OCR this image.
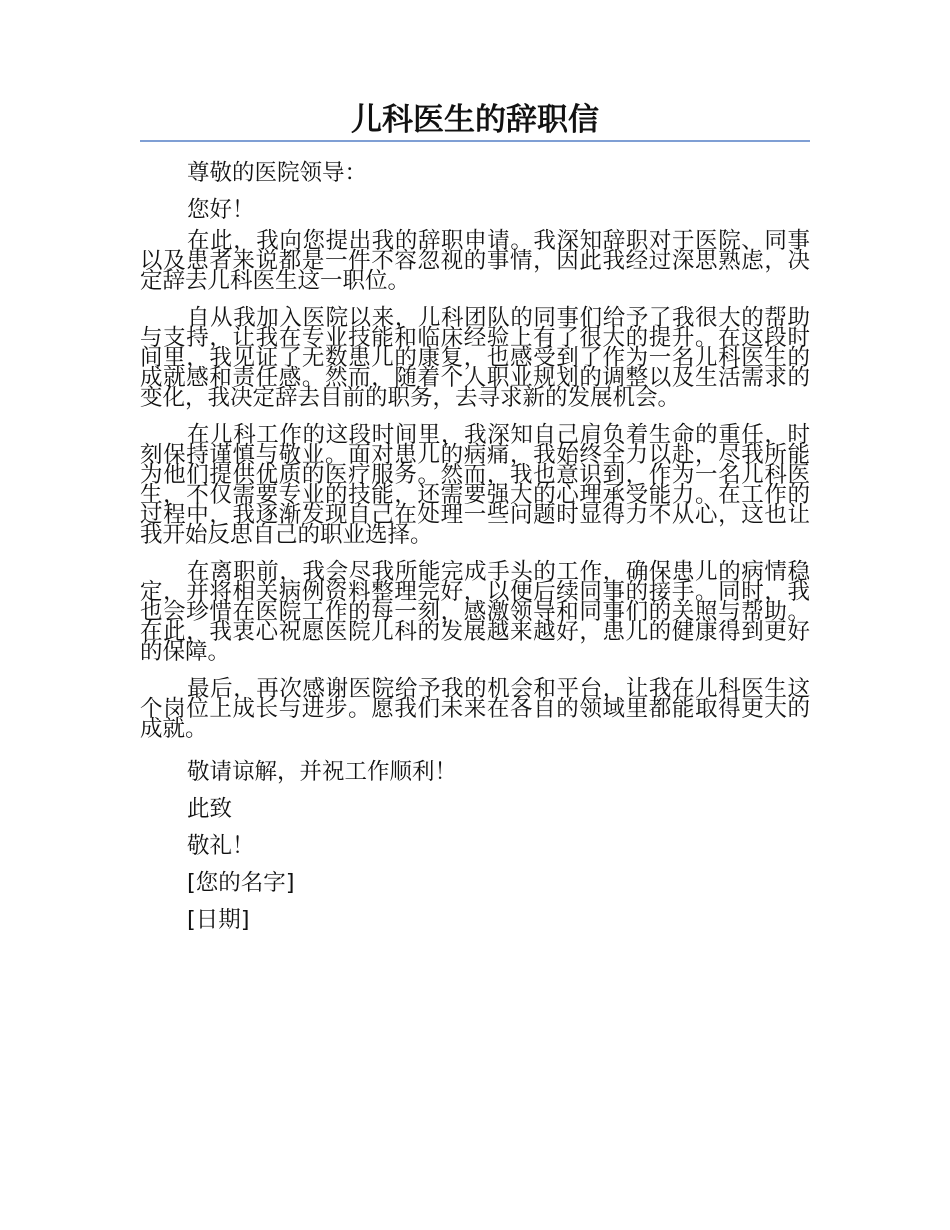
儿科医生的辞职信

尊敬的医院领导：

您好！

在此，我向您提出我的辞职申请。我深知辞职对于医院、同事以及患者来说都是一件不容忽视的事情，因此我经过深思熟虑，决定辞去儿科医生这一职位。

自从我加入医院以来，儿科团队的同事们给予了我很大的帮助与支持，让我在专业技能和临床经验上有了很大的提升。在这段时间里，我见证了无数患儿的康复，也感受到了作为一名儿科医生的成就感和责任感。然而，随着个人职业规划的调整以及生活需求的变化，我决定辞去目前的职务，去寻求新的发展机会。

在儿科工作的这段时间里，我深知自己肩负着生命的重任，时刻保持谨慎与敬业。面对患儿的病痛，我始终全力以赴，尽我所能为他们提供优质的医疗服务。然而，我也意识到，作为一名儿科医生，不仅需要专业的技能，还需要强大的心理承受能力。在工作的过程中，我逐渐发现自己在处理一些问题时显得力不从心，这也让我开始反思自己的职业选择。

在离职前，我会尽我所能完成手头的工作，确保患儿的病情稳定，并将相关病例资料整理完好，以便后续同事的接手。同时，我也会珍惜在医院工作的每一刻，感激领导和同事们的关照与帮助。在此，我衷心祝愿医院儿科的发展越来越好，患儿的健康得到更好的保障。

最后，再次感谢医院给予我的机会和平台，让我在儿科医生这个岗位上成长与进步。愿我们未来在各自的领域里都能取得更大的成就。

敬请谅解，并祝工作顺利！

此致

敬礼！

[您的名字]

[日期]
